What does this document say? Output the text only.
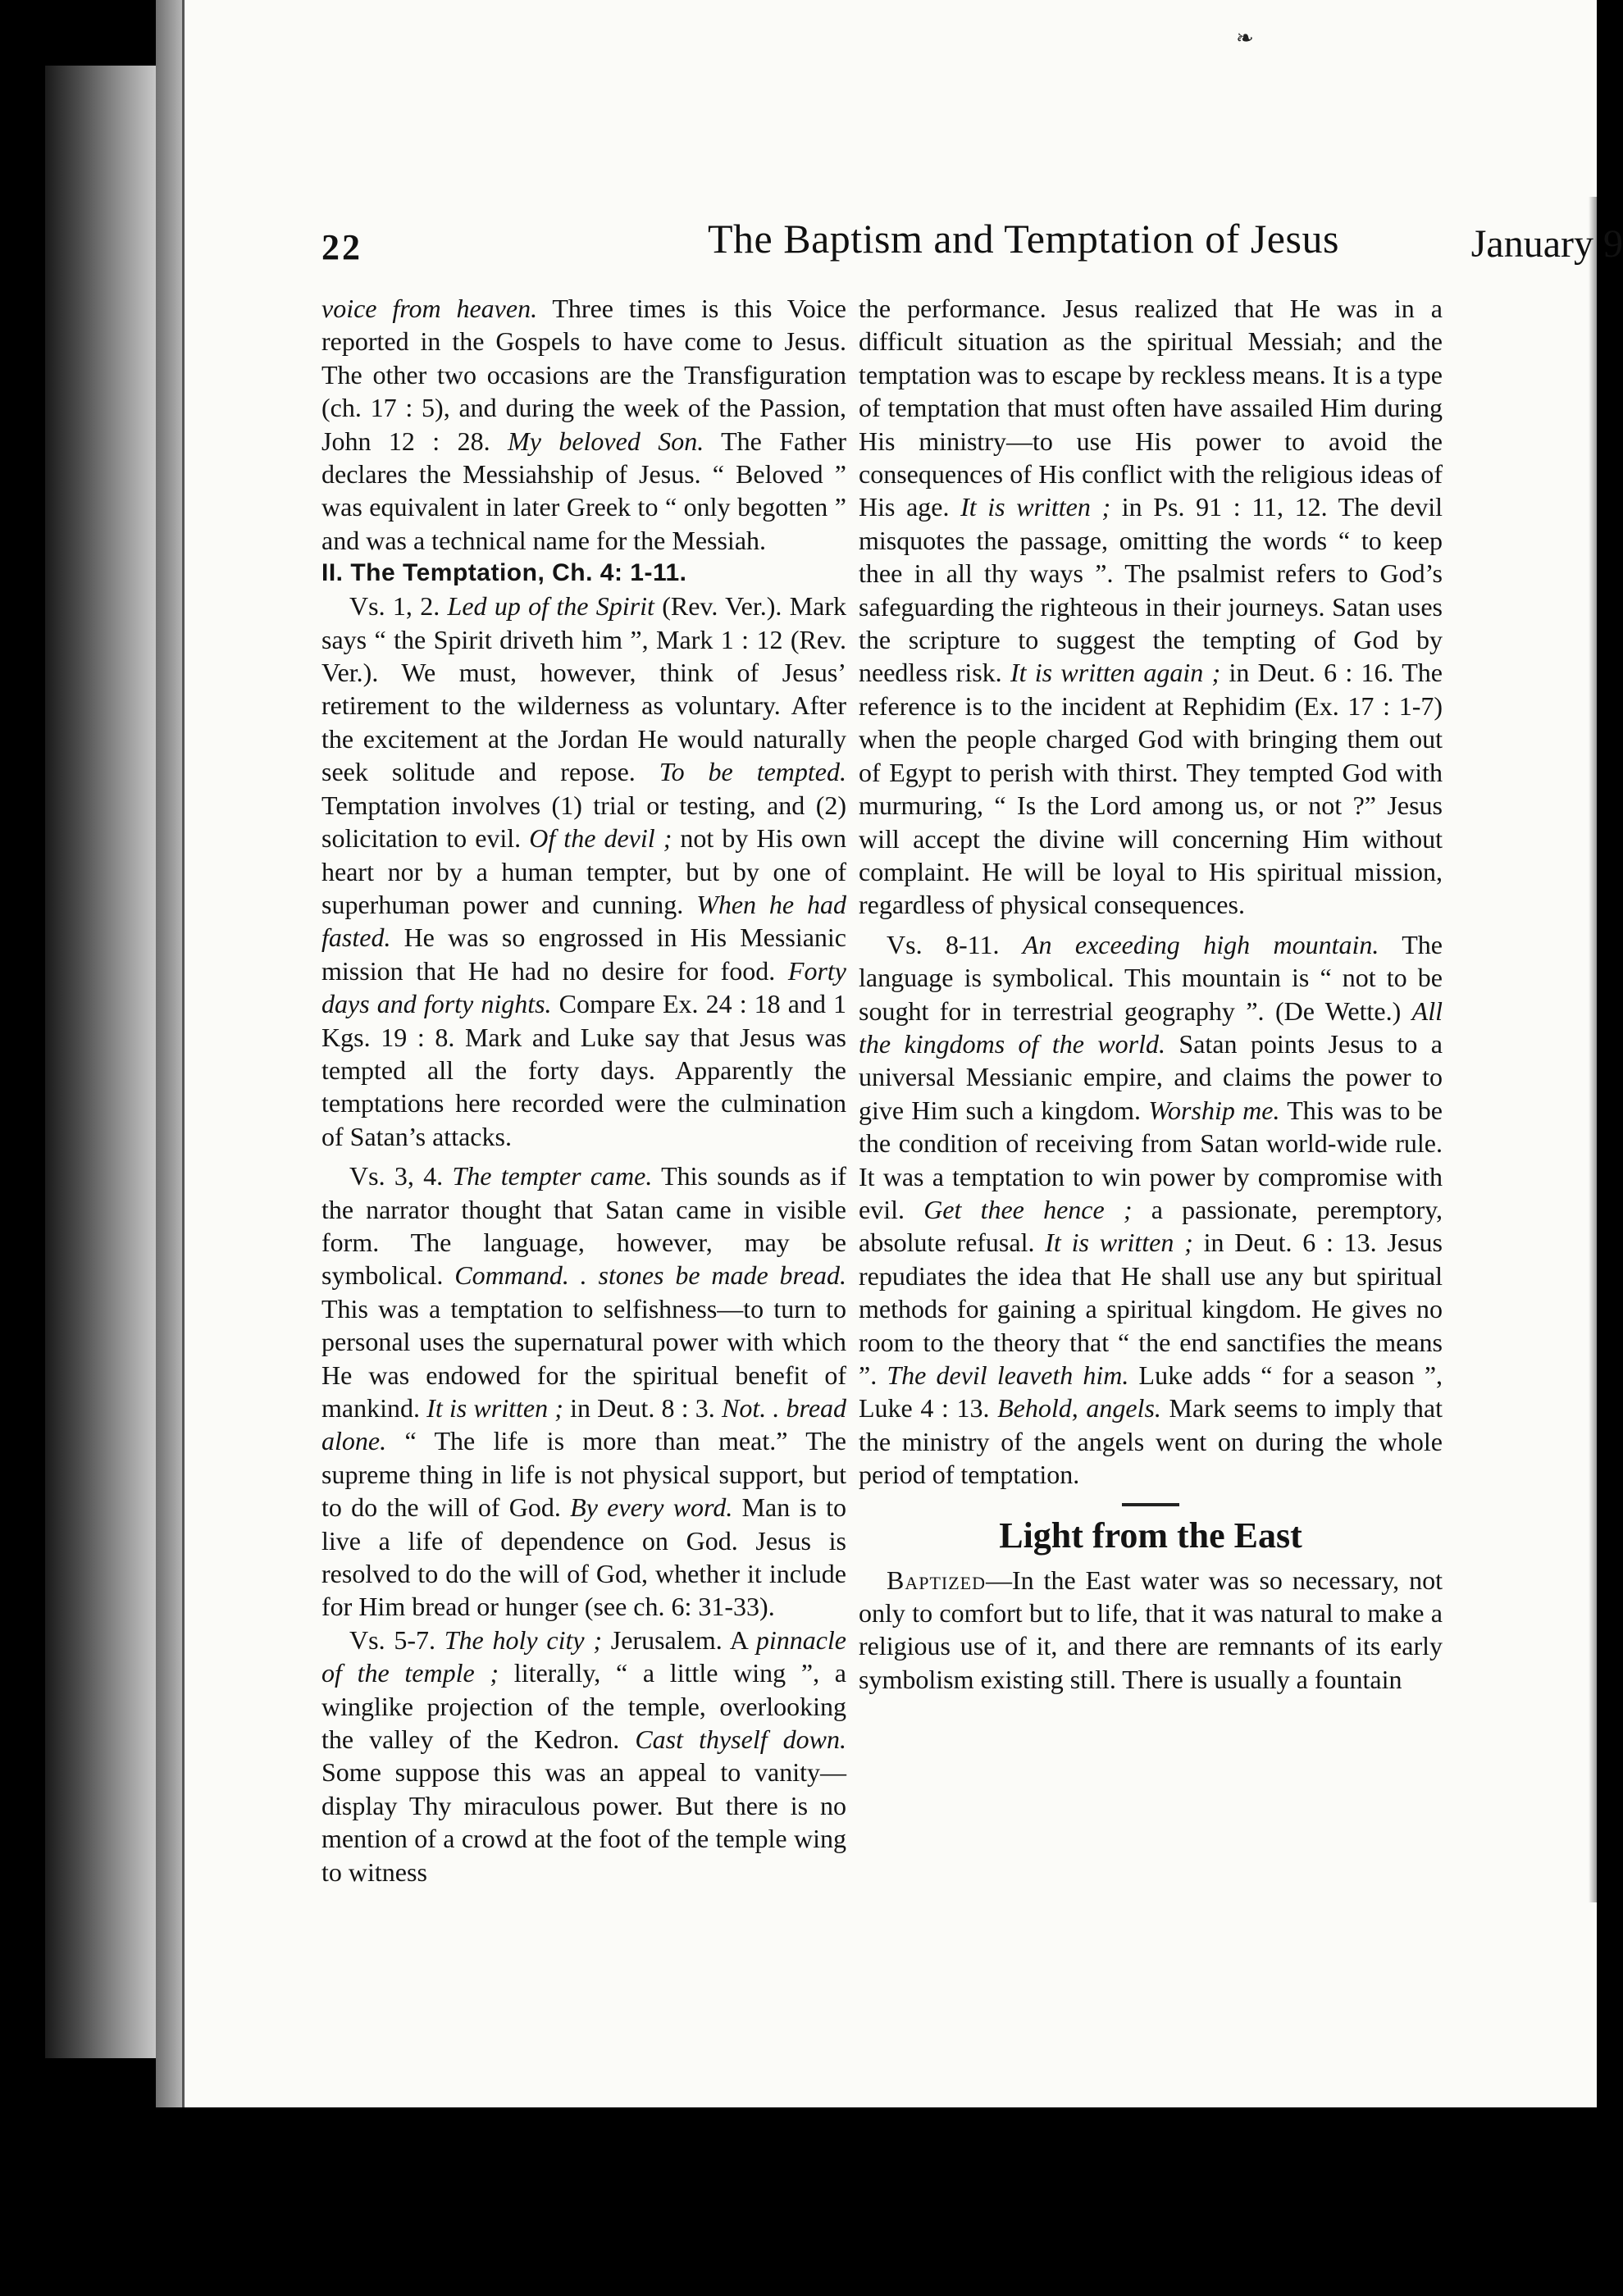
❧
22	The Baptism and Temptation of Jesus	January 9

voice from heaven. Three times is this Voice reported in the Gospels to have come to Jesus. The other two occasions are the Transfiguration (ch. 17 : 5), and during the week of the Passion, John 12 : 28. My beloved Son. The Father declares the Messiahship of Jesus. “ Beloved ” was equivalent in later Greek to “ only begotten ” and was a technical name for the Messiah.

II. The Temptation, Ch. 4: 1-11.

Vs. 1, 2. Led up of the Spirit (Rev. Ver.). Mark says “ the Spirit driveth him ”, Mark 1 : 12 (Rev. Ver.). We must, however, think of Jesus’ retirement to the wilderness as voluntary. After the excitement at the Jordan He would naturally seek solitude and repose. To be tempted. Temptation involves (1) trial or testing, and (2) solicitation to evil. Of the devil ; not by His own heart nor by a human tempter, but by one of superhuman power and cunning. When he had fasted. He was so engrossed in His Messianic mission that He had no desire for food. Forty days and forty nights. Compare Ex. 24 : 18 and 1 Kgs. 19 : 8. Mark and Luke say that Jesus was tempted all the forty days. Apparently the temptations here recorded were the culmination of Satan’s attacks.

Vs. 3, 4. The tempter came. This sounds as if the narrator thought that Satan came in visible form. The language, however, may be symbolical. Command. . stones be made bread. This was a temptation to selfishness—to turn to personal uses the supernatural power with which He was endowed for the spiritual benefit of mankind. It is written ; in Deut. 8 : 3. Not. . bread alone. “ The life is more than meat.” The supreme thing in life is not physical support, but to do the will of God. By every word. Man is to live a life of dependence on God. Jesus is resolved to do the will of God, whether it include for Him bread or hunger (see ch. 6: 31-33).

Vs. 5-7. The holy city ; Jerusalem. A pinnacle of the temple ; literally, “ a little wing ”, a winglike projection of the temple, overlooking the valley of the Kedron. Cast thyself down. Some suppose this was an appeal to vanity—display Thy miraculous power. But there is no mention of a crowd at the foot of the temple wing to witness

the performance. Jesus realized that He was in a difficult situation as the spiritual Messiah; and the temptation was to escape by reckless means. It is a type of temptation that must often have assailed Him during His ministry—to use His power to avoid the consequences of His conflict with the religious ideas of His age. It is written ; in Ps. 91 : 11, 12. The devil misquotes the passage, omitting the words “ to keep thee in all thy ways ”. The psalmist refers to God’s safeguarding the righteous in their journeys. Satan uses the scripture to suggest the tempting of God by needless risk. It is written again ; in Deut. 6 : 16. The reference is to the incident at Rephidim (Ex. 17 : 1-7) when the people charged God with bringing them out of Egypt to perish with thirst. They tempted God with murmuring, “ Is the Lord among us, or not ?” Jesus will accept the divine will concerning Him without complaint. He will be loyal to His spiritual mission, regardless of physical consequences.

Vs. 8-11. An exceeding high mountain. The language is symbolical. This mountain is “ not to be sought for in terrestrial geography ”. (De Wette.) All the kingdoms of the world. Satan points Jesus to a universal Messianic empire, and claims the power to give Him such a kingdom. Worship me. This was to be the condition of receiving from Satan world-wide rule. It was a temptation to win power by compromise with evil. Get thee hence ; a passionate, peremptory, absolute refusal. It is written ; in Deut. 6 : 13. Jesus repudiates the idea that He shall use any but spiritual methods for gaining a spiritual kingdom. He gives no room to the theory that “ the end sanctifies the means ”. The devil leaveth him. Luke adds “ for a season ”, Luke 4 : 13. Behold, angels. Mark seems to imply that the ministry of the angels went on during the whole period of temptation.

Light from the East

Baptized—In the East water was so necessary, not only to comfort but to life, that it was natural to make a religious use of it, and there are remnants of its early symbolism existing still. There is usually a fountain
